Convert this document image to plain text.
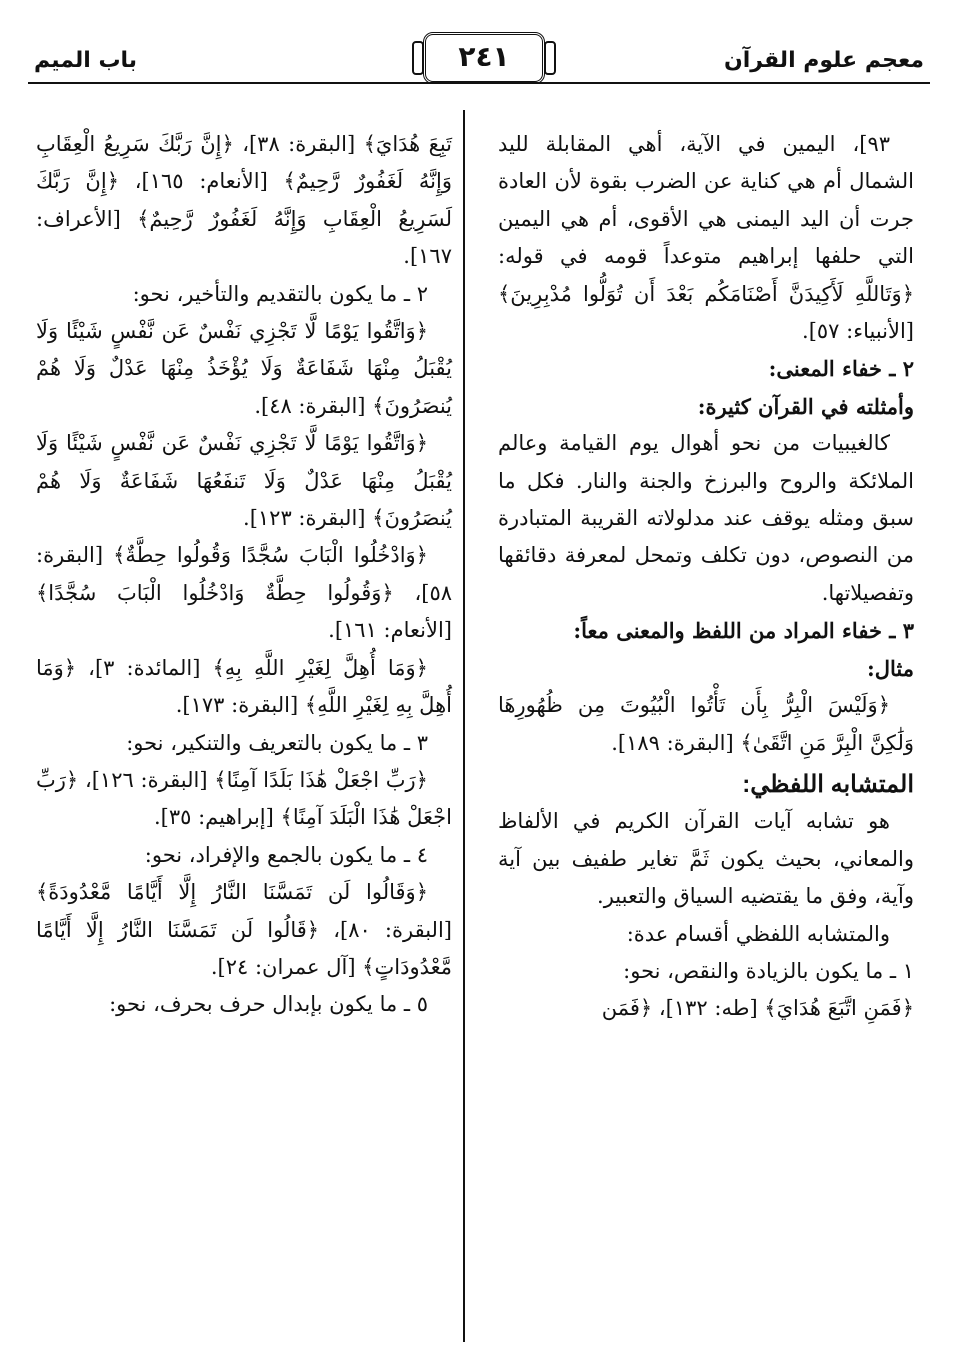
معجم علوم القرآن
٢٤١
باب الميم

٩٣]، اليمين في الآية، أهي المقابلة لليد الشمال أم هي كناية عن الضرب بقوة لأن العادة جرت أن اليد اليمنى هي الأقوى، أم هي اليمين التي حلفها إبراهيم متوعداً قومه في قوله: ﴿وَتَاللَّهِ لَأَكِيدَنَّ أَصْنَامَكُم بَعْدَ أَن تُوَلُّوا مُدْبِرِينَ﴾ [الأنبياء: ٥٧].

٢ ـ خفاء المعنى:

وأمثلته في القرآن كثيرة:

كالغيبيات من نحو أهوال يوم القيامة وعالم الملائكة والروح والبرزخ والجنة والنار. فكل ما سبق ومثله يوقف عند مدلولاته القريبة المتبادرة من النصوص، دون تكلف وتمحل لمعرفة دقائقها وتفصيلاتها.

٣ ـ خفاء المراد من اللفظ والمعنى معاً:

مثال:

﴿وَلَيْسَ الْبِرُّ بِأَن تَأْتُوا الْبُيُوتَ مِن ظُهُورِهَا وَلَٰكِنَّ الْبِرَّ مَنِ اتَّقَىٰ﴾ [البقرة: ١٨٩].

المتشابه اللفظي:

هو تشابه آيات القرآن الكريم في الألفاظ والمعاني، بحيث يكون ثَمَّ تغاير طفيف بين آية وآية، وفق ما يقتضيه السياق والتعبير.

والمتشابه اللفظي أقسام عدة:

١ ـ ما يكون بالزيادة والنقص، نحو:

﴿فَمَنِ اتَّبَعَ هُدَايَ﴾ [طه: ١٣٢]، ﴿فَمَن

تَبِعَ هُدَايَ﴾ [البقرة: ٣٨]، ﴿إِنَّ رَبَّكَ سَرِيعُ الْعِقَابِ وَإِنَّهُ لَغَفُورٌ رَّحِيمٌ﴾ [الأنعام: ١٦٥]، ﴿إِنَّ رَبَّكَ لَسَرِيعُ الْعِقَابِ وَإِنَّهُ لَغَفُورٌ رَّحِيمٌ﴾ [الأعراف: ١٦٧].

٢ ـ ما يكون بالتقديم والتأخير، نحو:

﴿وَاتَّقُوا يَوْمًا لَّا تَجْزِي نَفْسٌ عَن نَّفْسٍ شَيْئًا وَلَا يُقْبَلُ مِنْهَا شَفَاعَةٌ وَلَا يُؤْخَذُ مِنْهَا عَدْلٌ وَلَا هُمْ يُنصَرُونَ﴾ [البقرة: ٤٨].

﴿وَاتَّقُوا يَوْمًا لَّا تَجْزِي نَفْسٌ عَن نَّفْسٍ شَيْئًا وَلَا يُقْبَلُ مِنْهَا عَدْلٌ وَلَا تَنفَعُهَا شَفَاعَةٌ وَلَا هُمْ يُنصَرُونَ﴾ [البقرة: ١٢٣].

﴿وَادْخُلُوا الْبَابَ سُجَّدًا وَقُولُوا حِطَّةٌ﴾ [البقرة: ٥٨]، ﴿وَقُولُوا حِطَّةٌ وَادْخُلُوا الْبَابَ سُجَّدًا﴾ [الأنعام: ١٦١].

﴿وَمَا أُهِلَّ لِغَيْرِ اللَّهِ بِهِ﴾ [المائدة: ٣]، ﴿وَمَا أُهِلَّ بِهِ لِغَيْرِ اللَّهِ﴾ [البقرة: ١٧٣].

٣ ـ ما يكون بالتعريف والتنكير، نحو:

﴿رَبِّ اجْعَلْ هَٰذَا بَلَدًا آمِنًا﴾ [البقرة: ١٢٦]، ﴿رَبِّ اجْعَلْ هَٰذَا الْبَلَدَ آمِنًا﴾ [إبراهيم: ٣٥].

٤ ـ ما يكون بالجمع والإفراد، نحو:

﴿وَقَالُوا لَن تَمَسَّنَا النَّارُ إِلَّا أَيَّامًا مَّعْدُودَةً﴾ [البقرة: ٨٠]، ﴿قَالُوا لَن تَمَسَّنَا النَّارُ إِلَّا أَيَّامًا مَّعْدُودَاتٍ﴾ [آل عمران: ٢٤].

٥ ـ ما يكون بإبدال حرف بحرف، نحو:
